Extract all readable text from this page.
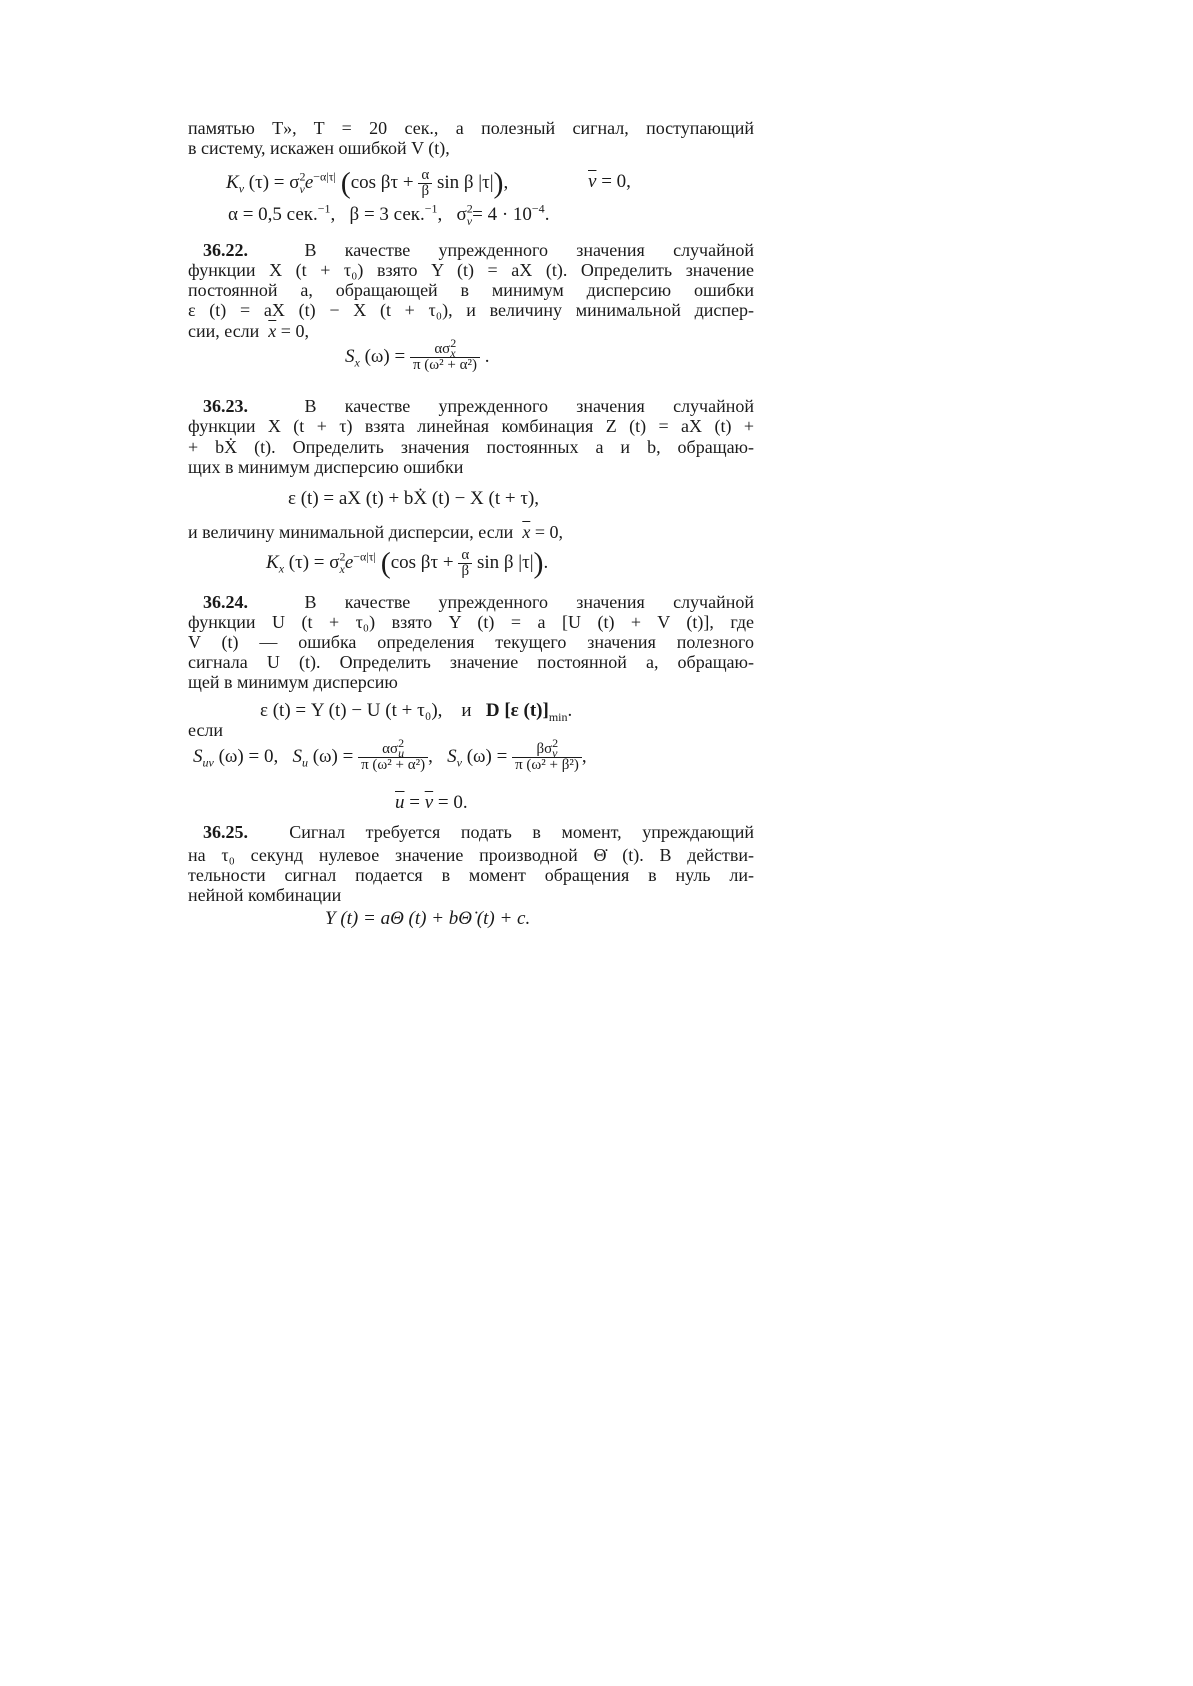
памятью T», T = 20 сек., а полезный сигнал, поступающий
в систему, искажен ошибкой V (t),
$K_v$ $(\tau) = \sigma^2_ve^{-\alpha|\tau|}$ (cos $\beta\tau + \frac{\alpha}{\beta}$ sin β |τ|),	$\overline{v} = 0$,
α = 0,5 сек.$^{-1}$,   β = 3 сек.$^{-1}$,   $\sigma^2_v= 4 \cdot 10^{-4}$.
36.22.	В качестве упрежденного значения случайной
функции X (t + τ₀) взято Y (t) = aX (t). Определить значение
постоянной a, обращающей в минимум дисперсию ошибки
ε (t) = aX (t) − X (t + τ₀), и величину минимальной диспер-
сии, если $\overline{x} = 0$,
$S_x$ $(\omega) = \frac{\alpha\sigma^2_x}{\text{π (ω² + α²)}}$ .
36.23.	В качестве упрежденного значения случайной
функции X (t + τ) взята линейная комбинация Z (t) = aX (t) +
+ bẊ (t). Определить значения постоянных a и b, обращаю-
щих в минимум дисперсию ошибки
ε (t) = aX (t) + bẊ (t) − X (t + τ),
и величину минимальной дисперсии, если $\overline{x} = 0$,
$K_x$ $(\tau) = \sigma^2_xe^{-\alpha|\tau|}$ (cos $\beta\tau + \frac{\alpha}{\beta}$ sin β |τ|).
36.24.	В качестве упрежденного значения случайной
функции U (t + τ₀) взято Y (t) = a [U (t) + V (t)], где
V (t) — ошибка определения текущего значения полезного
сигнала U (t). Определить значение постоянной a, обращаю-
щей в минимум дисперсию
ε (t) = Y (t) − U (t + τ₀), и D [ε $(t)]_{min}$.
если
$S_{uv}$ (ω) = 0, $S_u$ $(\omega) = \frac{\alpha\sigma^2_u}{\text{π (ω² + α²)}}$ ,   $S_v$ $(\omega) = \frac{\beta\sigma^2_v}{\text{π (ω² + β²)}}$ ,
$\overline{u} = \overline{v} = 0$.
36.25. Сигнал требуется подать в момент, упреждающий
на τ₀ секунд нулевое значение производной Θ̇ (t). В действи-
тельности сигнал подается в момент обращения в нуль ли-
нейной комбинации
Y (t) = aΘ (t) + bΘ̇ (t) + c.
